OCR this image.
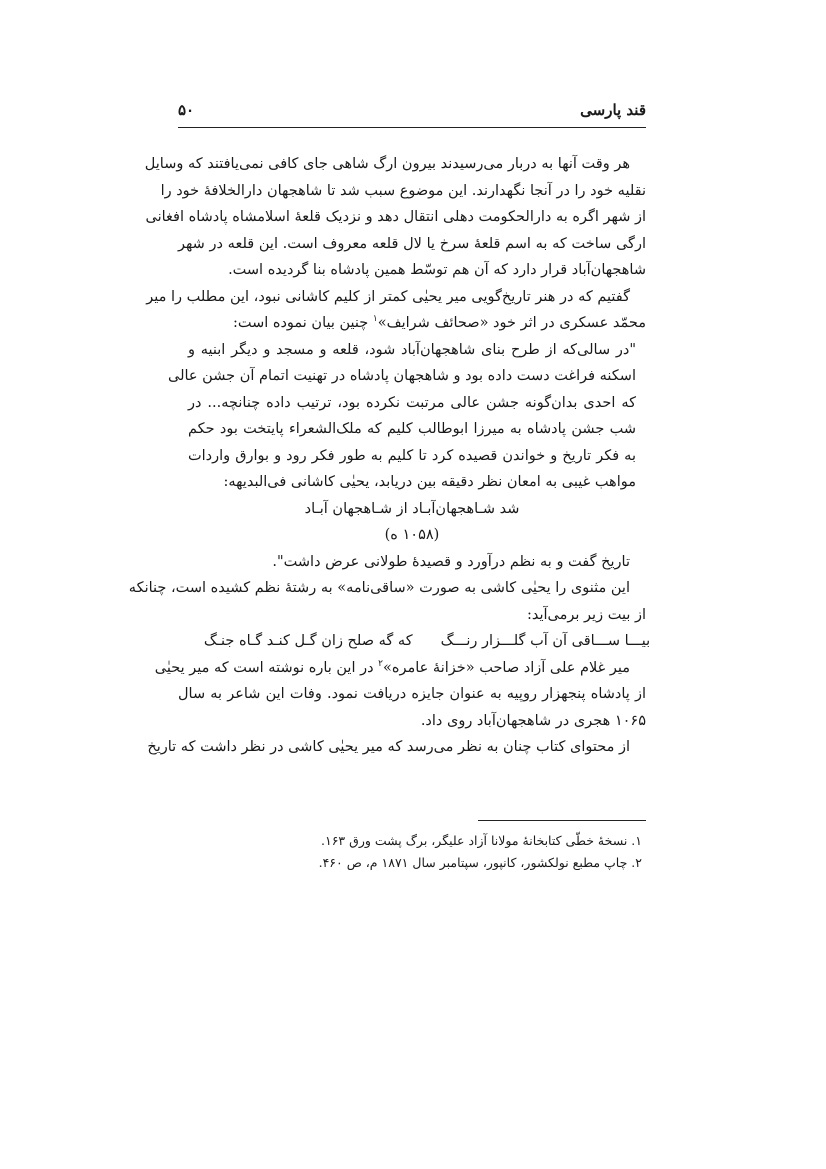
قند پارسی
۵۰
هر وقت آنها به دربار می‌رسیدند بیرون ارگ شاهی جای کافی نمی‌یافتند که وسایل
نقلیه خود را در آنجا نگهدارند. این موضوع سبب شد تا شاهجهان دارالخلافهٔ خود را
از شهر اگره به دارالحکومت دهلی انتقال دهد و نزدیک قلعهٔ اسلامشاه پادشاه افغانی
ارگی ساخت که به اسم قلعهٔ سرخ یا لال قلعه معروف است. این قلعه در شهر
شاهجهان‌آباد قرار دارد که آن هم توسّط همین پادشاه بنا گردیده است.
گفتیم که در هنر تاریخ‌گویی میر یحیٰی کمتر از کلیم کاشانی نبود، این مطلب را میر
محمّد عسکری در اثر خود «صحائف شرایف»$^۱$ چنین بیان نموده است:
"در سالی‌که از طرح بنای شاهجهان‌آباد شود، قلعه و مسجد و دیگر ابنیه و
اسکنه فراغت دست داده بود و شاهجهان پادشاه در تهنیت اتمام آن جشن عالی
که احدی بدان‌گونه جشن عالی مرتبت نکرده بود، ترتیب داده چنانچه... در
شب جشن پادشاه به میرزا ابوطالب کلیم که ملک‌الشعراء پایتخت بود حکم
به فکر تاریخ و خواندن قصیده کرد تا کلیم به طور فکر رود و بوارق واردات
مواهب غیبی به امعان نظر دقیقه بین دریابد، یحیٰی کاشانی فی‌البدیهه:
شد شـاهجهان‌آبـاد از شـاهجهان آبـاد
(۱۰۵۸ ه)
تاریخ گفت و به نظم درآورد و قصیدهٔ طولانی عرض داشت".
این مثنوی را یحیٰی کاشی به صورت «ساقی‌نامه» به رشتهٔ نظم کشیده است، چنانکه
از بیت زیر برمی‌آید:
بیـــا ســـاقی آن آب گلـــزار رنـــگ
که گه صلح زان گـل کنـد گـاه جنـگ
میر غلام علی آزاد صاحب «خزانهٔ عامره»$^۲$ در این باره نوشته است که میر یحیٰی
از پادشاه پنجهزار روپیه به عنوان جایزه دریافت نمود. وفات این شاعر به سال
۱۰۶۵ هجری در شاهجهان‌آباد روی داد.
از محتوای کتاب چنان به نظر می‌رسد که میر یحیٰی کاشی در نظر داشت که تاریخ
۱. نسخهٔ خطّی کتابخانهٔ مولانا آزاد علیگر، برگ پشت ورق ۱۶۳.
۲. چاپ مطبع نولکشور، کانپور، سپتامبر سال ۱۸۷۱ م، ص ۴۶۰.
